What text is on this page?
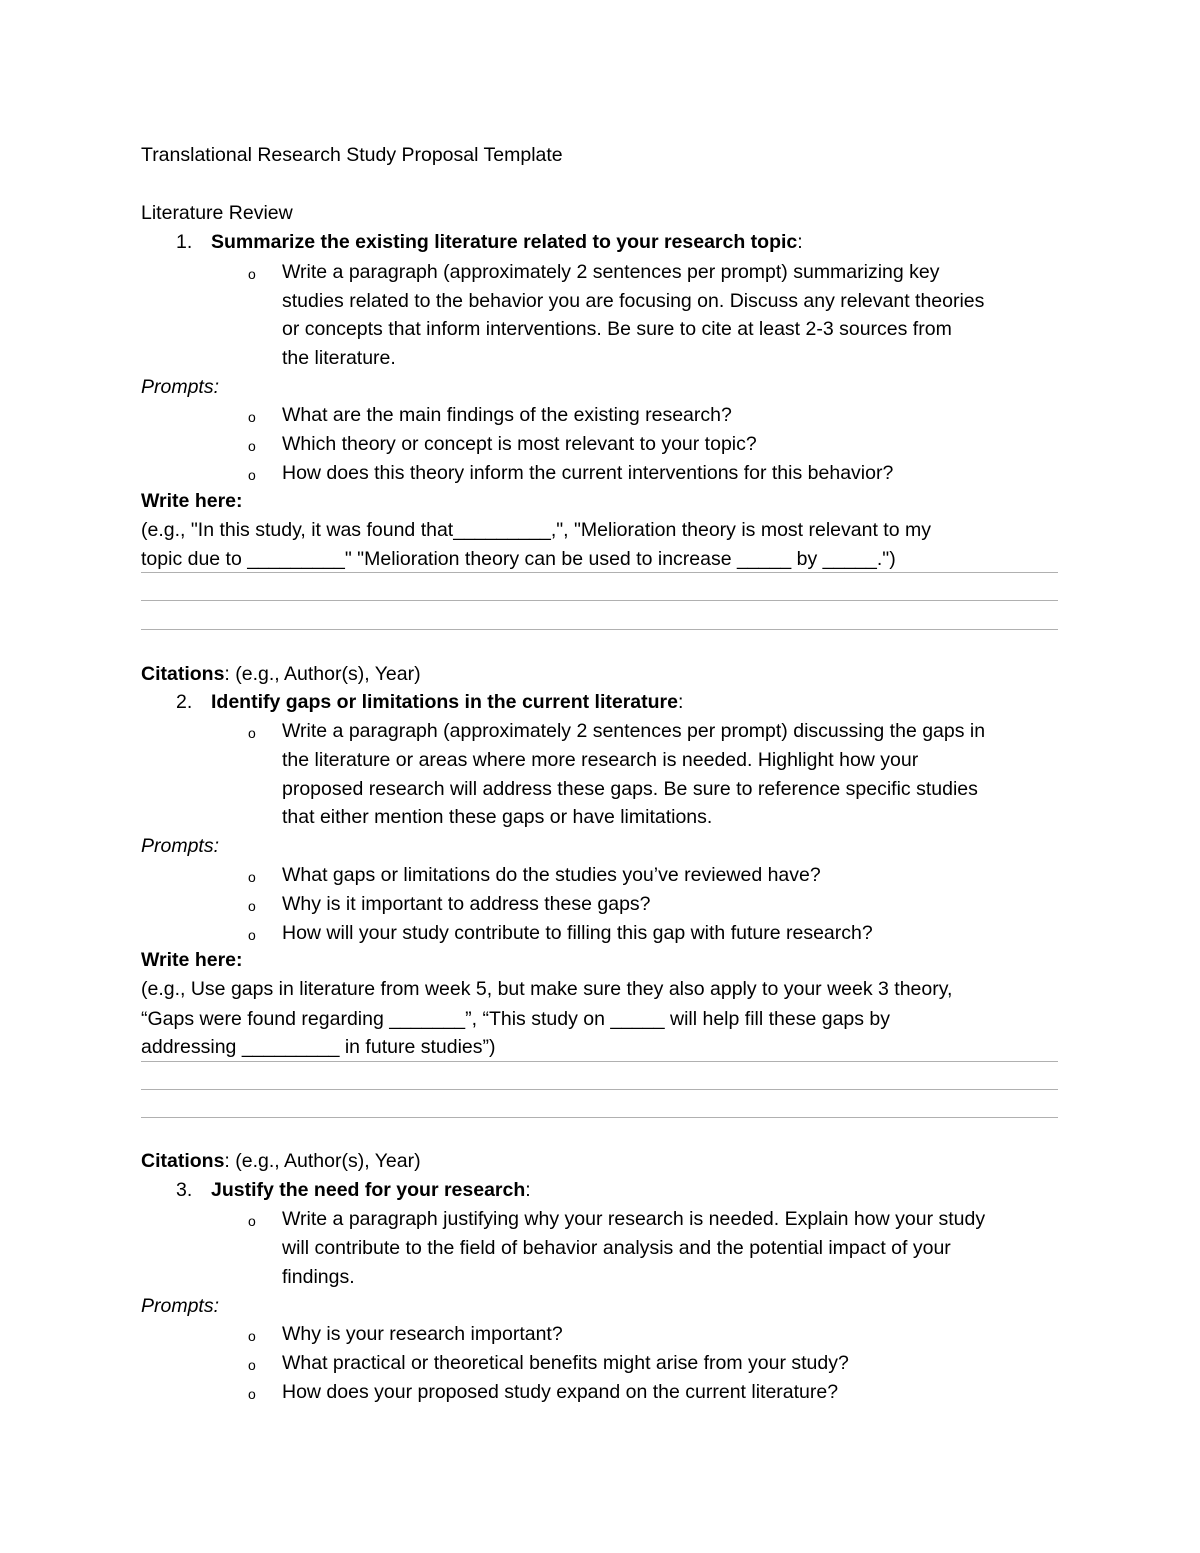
Translational Research Study Proposal Template
Literature Review
1. Summarize the existing literature related to your research topic:
o Write a paragraph (approximately 2 sentences per prompt) summarizing key
studies related to the behavior you are focusing on. Discuss any relevant theories
or concepts that inform interventions. Be sure to cite at least 2-3 sources from
the literature.
Prompts:
o What are the main findings of the existing research?
o Which theory or concept is most relevant to your topic?
o How does this theory inform the current interventions for this behavior?
Write here:
(e.g., "In this study, it was found that_________,", "Melioration theory is most relevant to my
topic due to _________" "Melioration theory can be used to increase _____ by _____.")
Citations: (e.g., Author(s), Year)
2. Identify gaps or limitations in the current literature:
o Write a paragraph (approximately 2 sentences per prompt) discussing the gaps in
the literature or areas where more research is needed. Highlight how your
proposed research will address these gaps. Be sure to reference specific studies
that either mention these gaps or have limitations.
Prompts:
o What gaps or limitations do the studies you’ve reviewed have?
o Why is it important to address these gaps?
o How will your study contribute to filling this gap with future research?
Write here:
(e.g., Use gaps in literature from week 5, but make sure they also apply to your week 3 theory,
“Gaps were found regarding _______”, “This study on _____ will help fill these gaps by
addressing _________ in future studies”)
Citations: (e.g., Author(s), Year)
3. Justify the need for your research:
o Write a paragraph justifying why your research is needed. Explain how your study
will contribute to the field of behavior analysis and the potential impact of your
findings.
Prompts:
o Why is your research important?
o What practical or theoretical benefits might arise from your study?
o How does your proposed study expand on the current literature?
